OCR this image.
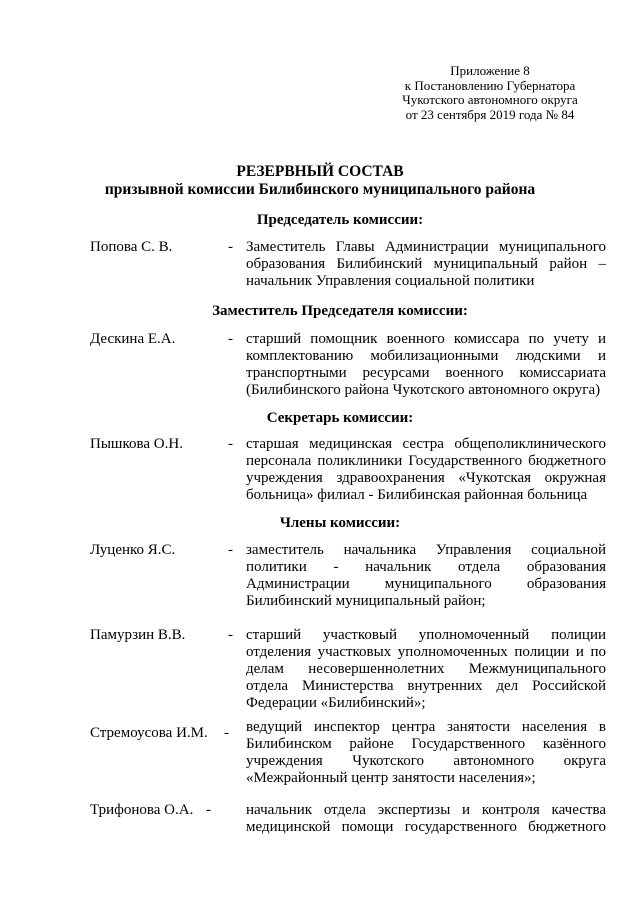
Приложение 8
к Постановлению Губернатора
Чукотского автономного округа
от 23 сентября 2019 года № 84
РЕЗЕРВНЫЙ СОСТАВ
призывной комиссии Билибинского муниципального района
Председатель комиссии:
Попова С. В.	- Заместитель Главы Администрации муниципального
образования Билибинский муниципальный район –
начальник Управления социальной политики
Заместитель Председателя комиссии:
Дескина Е.А.	- старший помощник военного комиссара по учету и
комплектованию мобилизационными людскими и
транспортными ресурсами военного комиссариата
(Билибинского района Чукотского автономного округа)
Секретарь комиссии:
Пышкова О.Н.	- старшая медицинская сестра общеполиклинического
персонала поликлиники Государственного бюджетного
учреждения здравоохранения «Чукотская окружная
больница» филиал - Билибинская районная больница
Члены комиссии:
Луценко Я.С.	- заместитель начальника Управления социальной
политики - начальник отдела образования
Администрации муниципального образования
Билибинский муниципальный район;
Памурзин В.В.	- старший участковый уполномоченный полиции
отделения участковых уполномоченных полиции и по
делам несовершеннолетних Межмуниципального
отдела Министерства внутренних дел Российской
Федерации «Билибинский»;
Стремоусова И.М. - ведущий инспектор центра занятости населения в
Билибинском районе Государственного казённого
учреждения Чукотского автономного округа
«Межрайонный центр занятости населения»;
Трифонова О.А. - начальник отдела экспертизы и контроля качества
медицинской помощи государственного бюджетного
